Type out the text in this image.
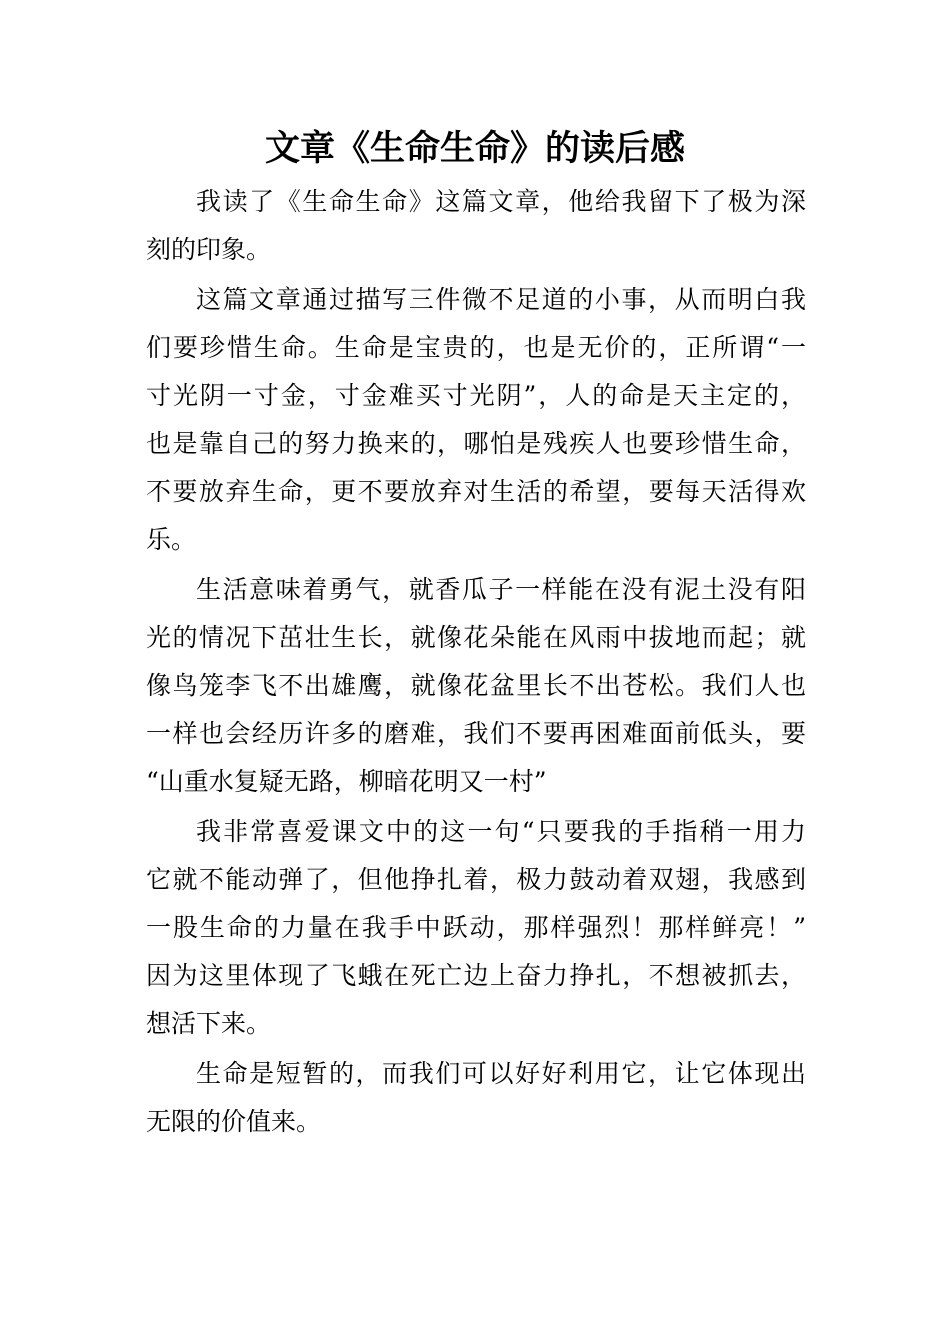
文章《生命生命》的读后感

我读了《生命生命》这篇文章，他给我留下了极为深
刻的印象。

这篇文章通过描写三件微不足道的小事，从而明白我
们要珍惜生命。生命是宝贵的，也是无价的，正所谓“一
寸光阴一寸金，寸金难买寸光阴”，人的命是天主定的，
也是靠自己的努力换来的，哪怕是残疾人也要珍惜生命，
不要放弃生命，更不要放弃对生活的希望，要每天活得欢
乐。

生活意味着勇气，就香瓜子一样能在没有泥土没有阳
光的情况下茁壮生长，就像花朵能在风雨中拔地而起；就
像鸟笼李飞不出雄鹰，就像花盆里长不出苍松。我们人也
一样也会经历许多的磨难，我们不要再困难面前低头，要
“山重水复疑无路，柳暗花明又一村”

我非常喜爱课文中的这一句“只要我的手指稍一用力
它就不能动弹了，但他挣扎着，极力鼓动着双翅，我感到
一股生命的力量在我手中跃动，那样强烈！那样鲜亮！”
因为这里体现了飞蛾在死亡边上奋力挣扎，不想被抓去，
想活下来。

生命是短暂的，而我们可以好好利用它，让它体现出
无限的价值来。
